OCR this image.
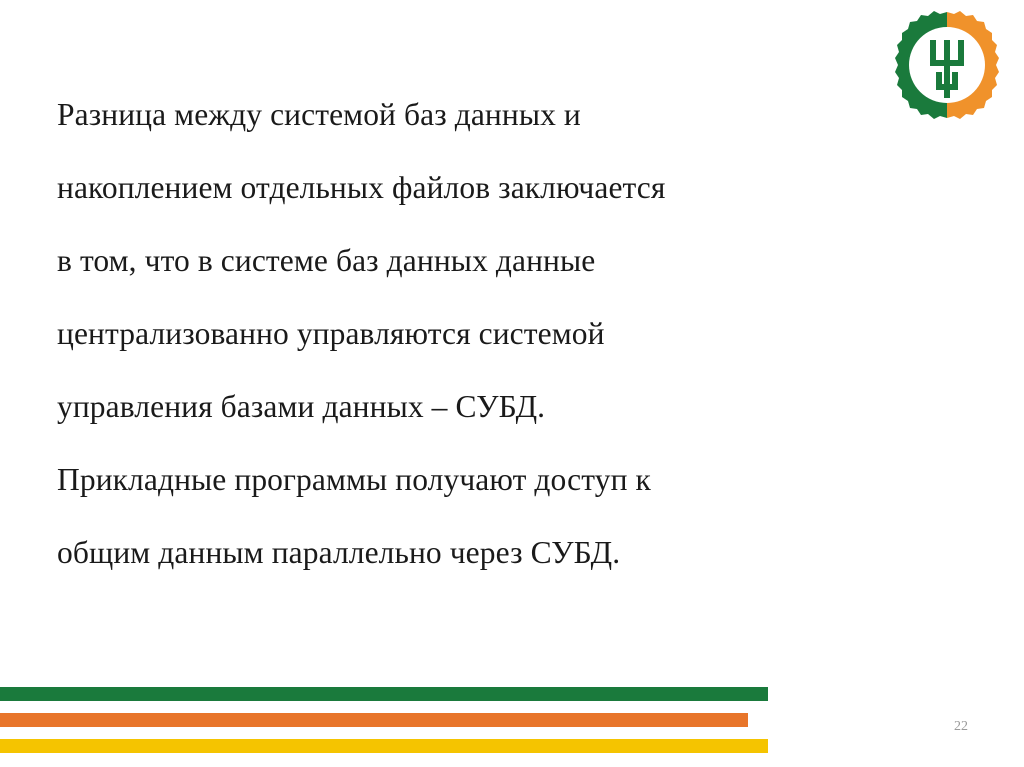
Разница между системой баз данных и
накоплением отдельных файлов заключается
в том, что в системе баз данных данные
централизованно управляются системой
управления базами данных – СУБД.
Прикладные программы получают доступ к
общим данным параллельно через СУБД.
22
